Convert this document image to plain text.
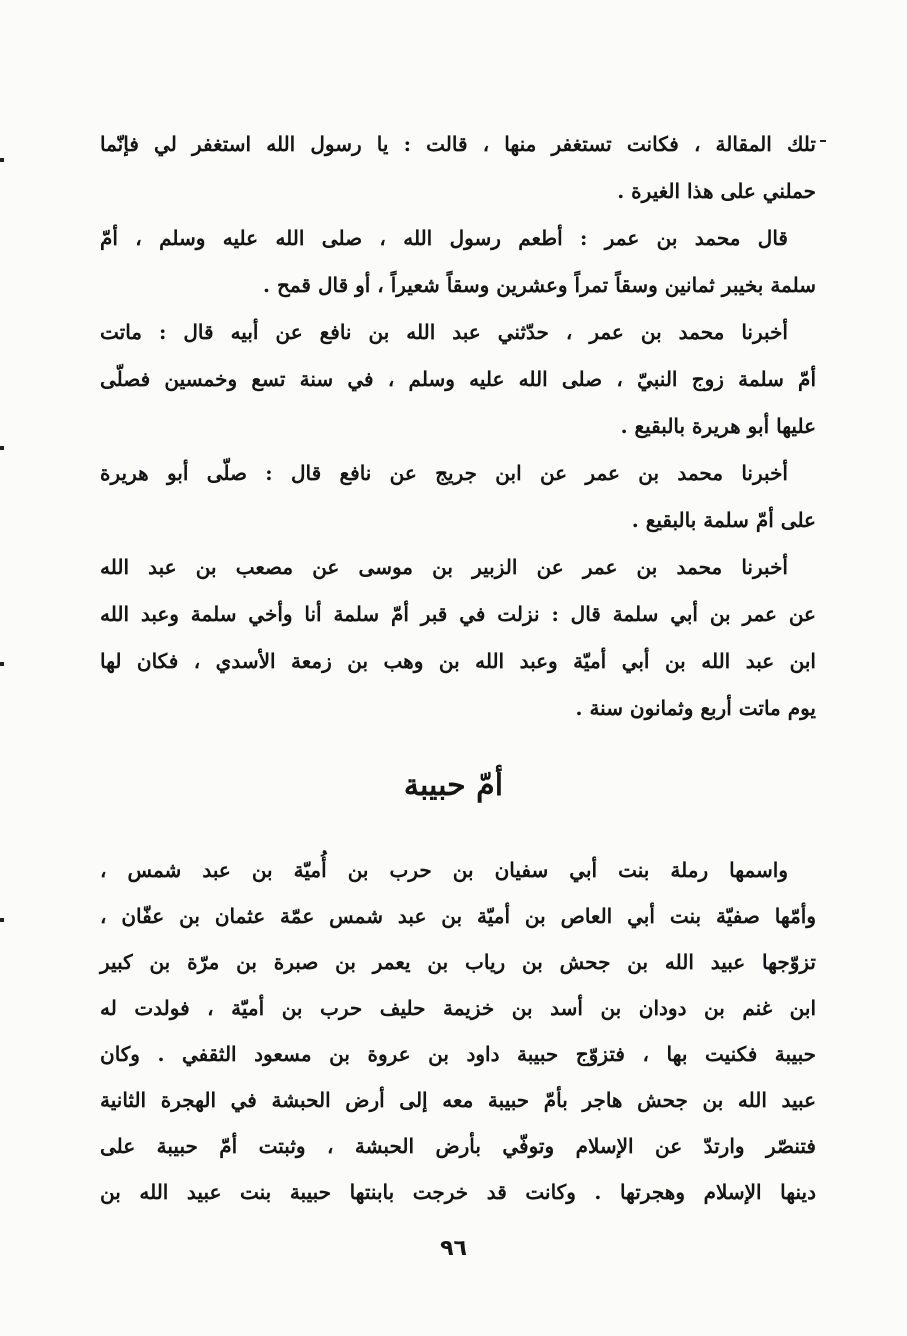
تلك المقالة ، فكانت تستغفر منها ، قالت : يا رسول الله استغفر لي فإنّما
حملني على هذا الغيرة .
قال محمد بن عمر : أطعم رسول الله ، صلى الله عليه وسلم ، أمّ
سلمة بخيبر ثمانين وسقاً تمراً وعشرين وسقاً شعيراً ، أو قال قمح .
أخبرنا محمد بن عمر ، حدّثني عبد الله بن نافع عن أبيه قال : ماتت
أمّ سلمة زوج النبيّ ، صلى الله عليه وسلم ، في سنة تسع وخمسين فصلّى
عليها أبو هريرة بالبقيع .
أخبرنا محمد بن عمر عن ابن جريج عن نافع قال : صلّى أبو هريرة
على أمّ سلمة بالبقيع .
أخبرنا محمد بن عمر عن الزبير بن موسى عن مصعب بن عبد الله
عن عمر بن أبي سلمة قال : نزلت في قبر أمّ سلمة أنا وأخي سلمة وعبد الله
ابن عبد الله بن أبي أميّة وعبد الله بن وهب بن زمعة الأسدي ، فكان لها
يوم ماتت أربع وثمانون سنة .
أمّ حبيبة
واسمها رملة بنت أبي سفيان بن حرب بن أُميّة بن عبد شمس ،
وأمّها صفيّة بنت أبي العاص بن أميّة بن عبد شمس عمّة عثمان بن عفّان ،
تزوّجها عبيد الله بن جحش بن رياب بن يعمر بن صبرة بن مرّة بن كبير
ابن غنم بن دودان بن أسد بن خزيمة حليف حرب بن أميّة ، فولدت له
حبيبة فكنيت بها ، فتزوّج حبيبة داود بن عروة بن مسعود الثقفي . وكان
عبيد الله بن جحش هاجر بأمّ حبيبة معه إلى أرض الحبشة في الهجرة الثانية
فتنصّر وارتدّ عن الإسلام وتوفّي بأرض الحبشة ، وثبتت أمّ حبيبة على
دينها الإسلام وهجرتها . وكانت قد خرجت بابنتها حبيبة بنت عبيد الله بن
٩٦
